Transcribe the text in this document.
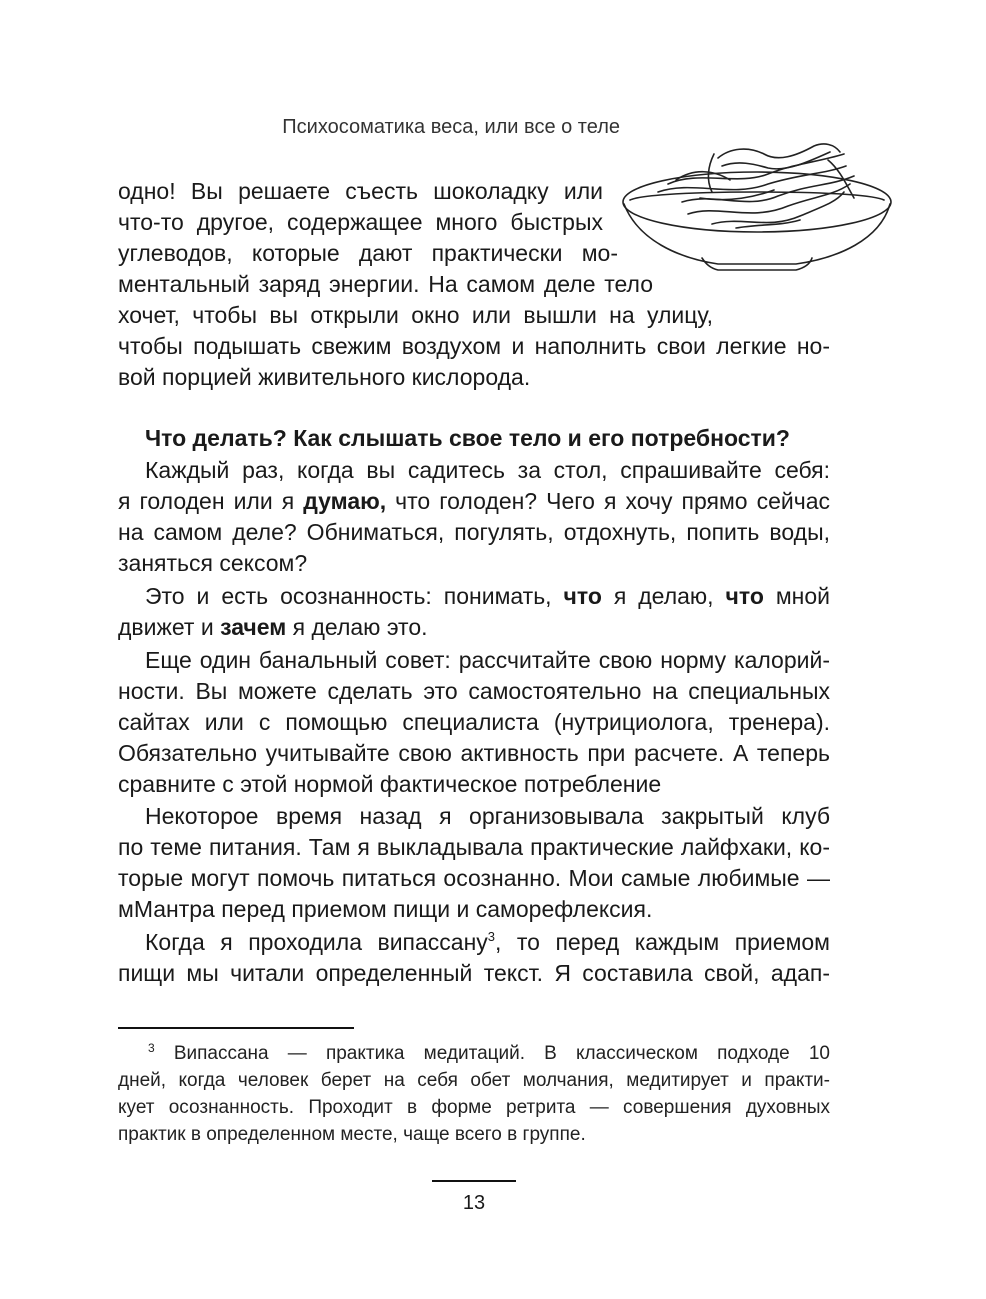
Психосоматика веса, или все о теле
одно! Вы решаете съесть шоколадку или
что-то другое, содержащее много быстрых
углеводов, которые дают практически мо-
ментальный заряд энергии. На самом деле тело
хочет, чтобы вы открыли окно или вышли на улицу,
чтобы подышать свежим воздухом и наполнить свои легкие но-
вой порцией живительного кислорода.
Что делать? Как слышать свое тело и его потребности?
Каждый раз, когда вы садитесь за стол, спрашивайте себя:
я голоден или я думаю, что голоден? Чего я хочу прямо сейчас
на самом деле? Обниматься, погулять, отдохнуть, попить воды,
заняться сексом?
Это и есть осознанность: понимать, что я делаю, что мной
движет и зачем я делаю это.
Еще один банальный совет: рассчитайте свою норму калорий-
ности. Вы можете сделать это самостоятельно на специальных
сайтах или с помощью специалиста (нутрициолога, тренера).
Обязательно учитывайте свою активность при расчете. А теперь
сравните с этой нормой фактическое потребление
Некоторое время назад я организовывала закрытый клуб
по теме питания. Там я выкладывала практические лайфхаки, ко-
торые могут помочь питаться осознанно. Мои самые любимые —
мМантра перед приемом пищи и саморефлексия.
Когда я проходила випассану$^3$, то перед каждым приемом
пищи мы читали определенный текст. Я составила свой, адап-
$^3$ Випассана — практика медитаций. В классическом подходе 10
дней, когда человек берет на себя обет молчания, медитирует и практи-
кует осознанность. Проходит в форме ретрита — совершения духовных
практик в определенном месте, чаще всего в группе.
13
